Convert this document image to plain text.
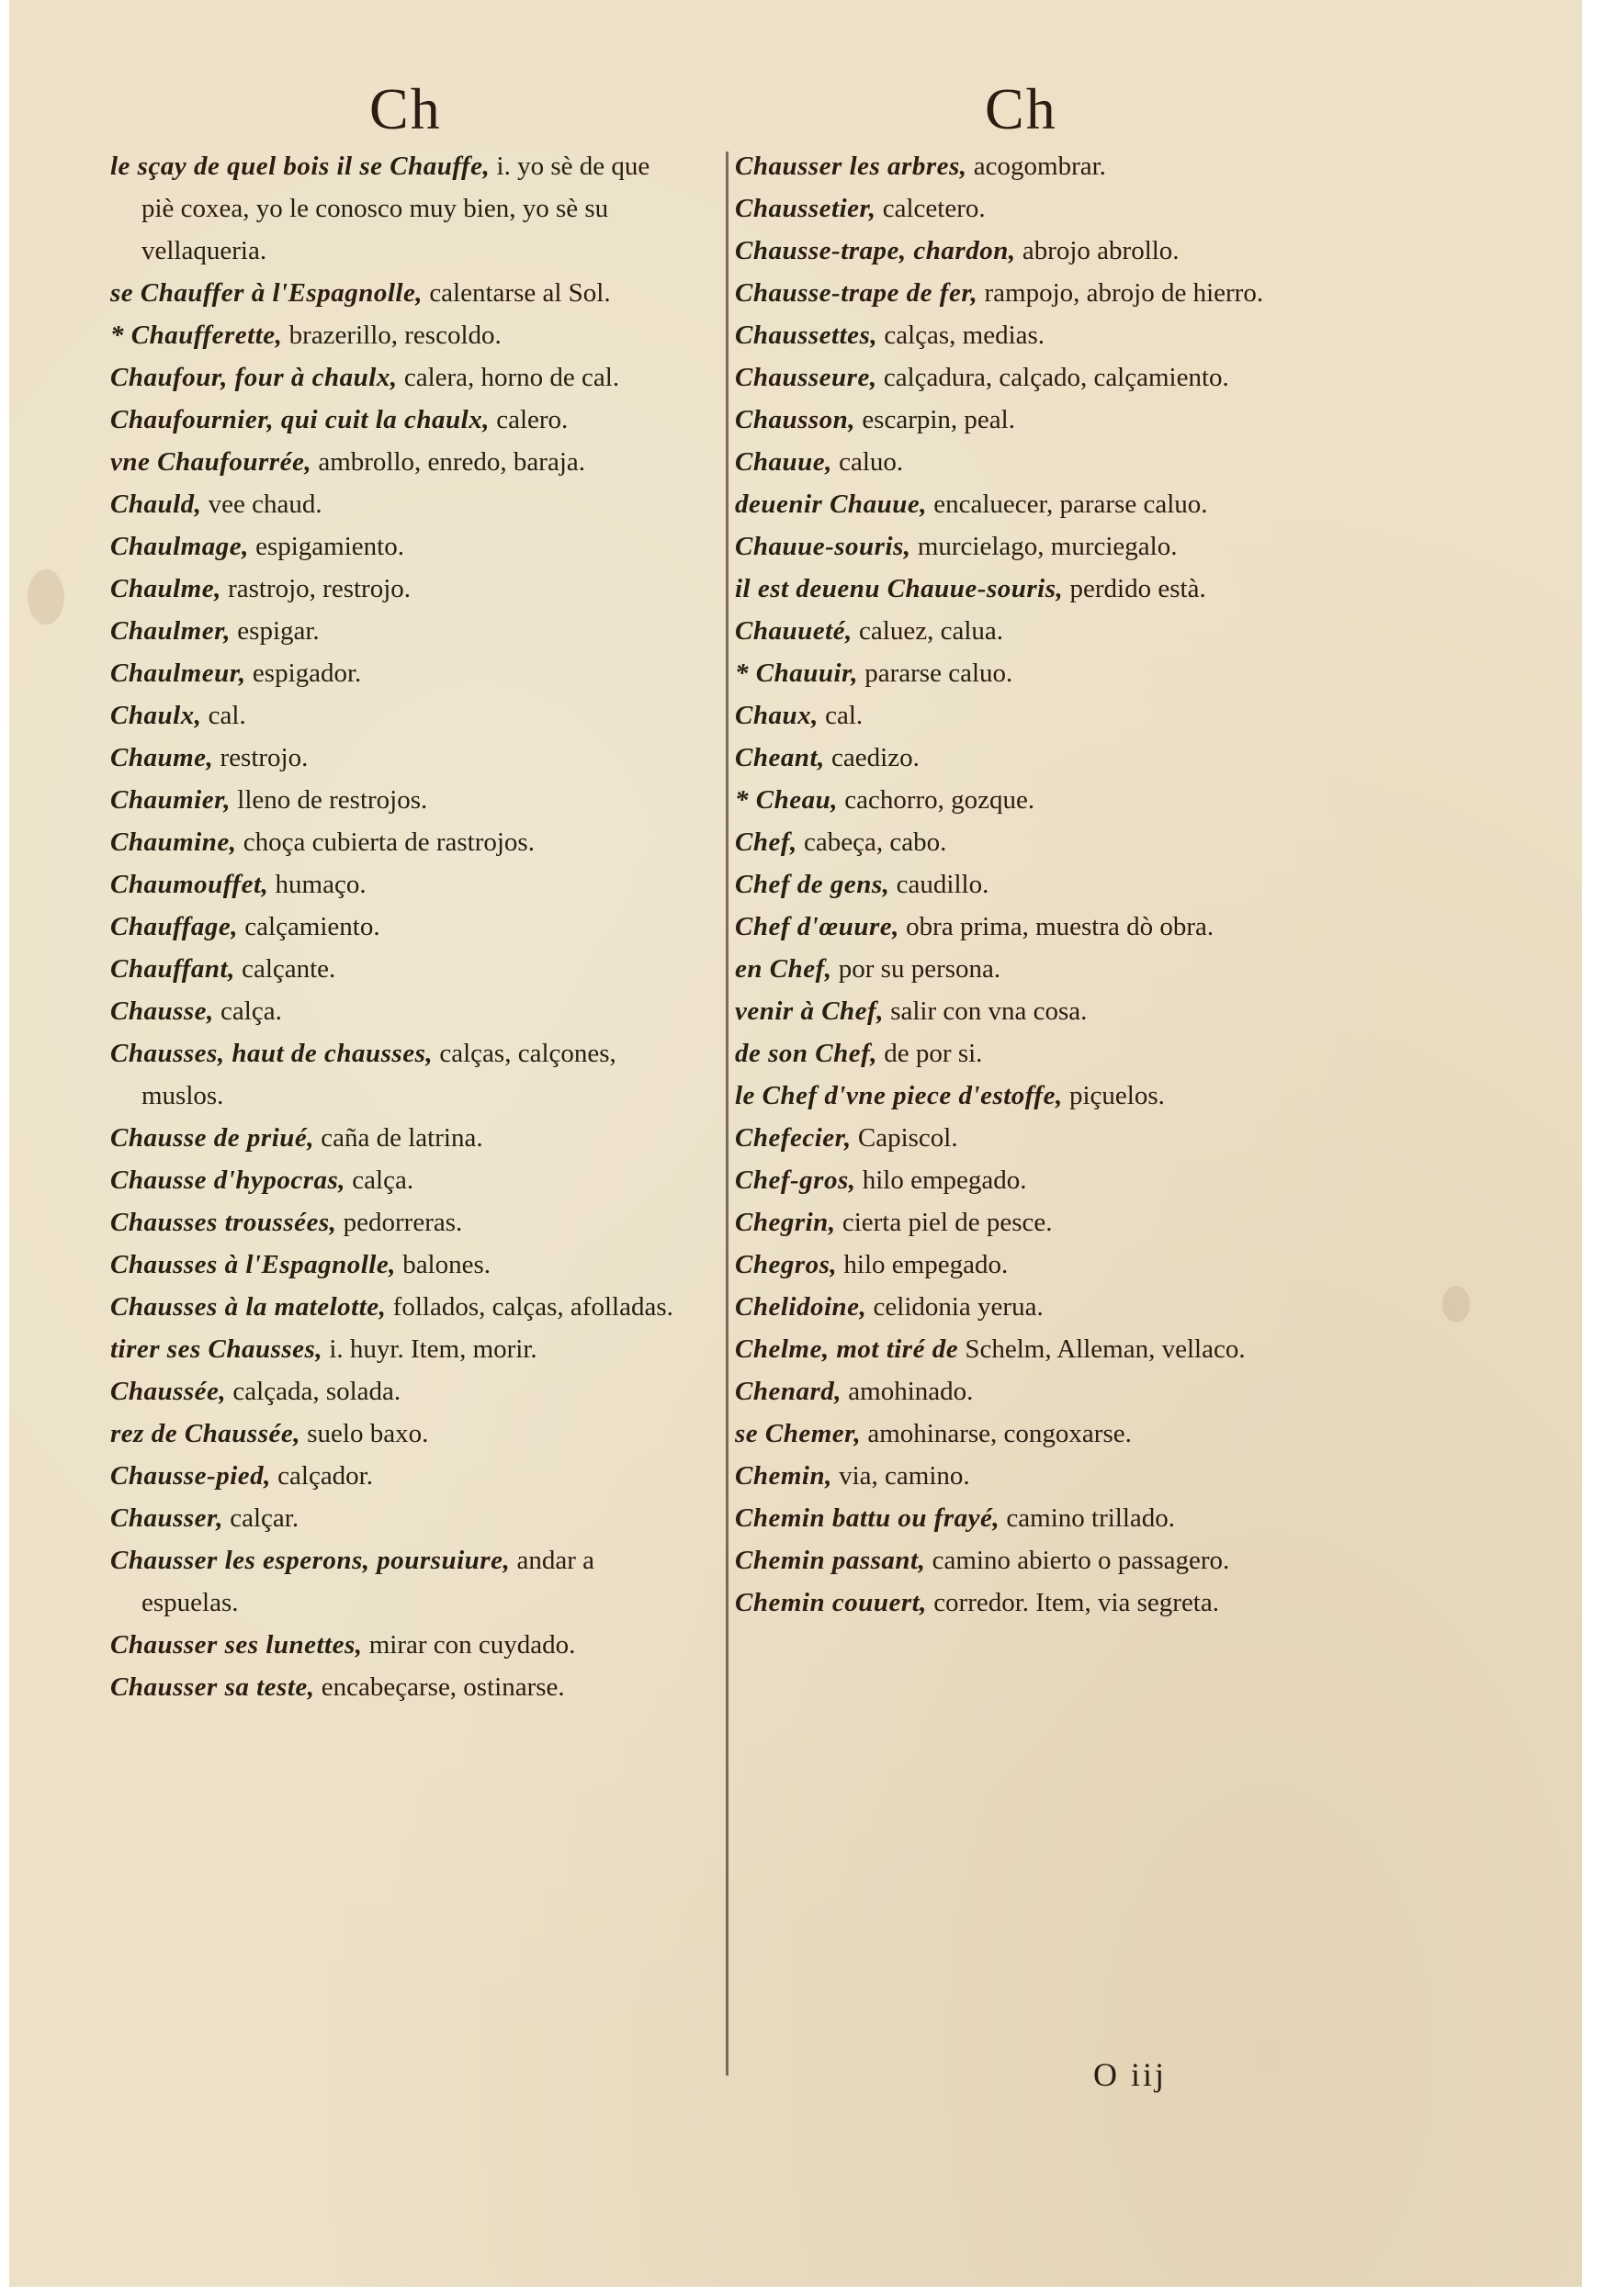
Ch	Ch
le sçay de quel bois il se Chauffe, i. yo sè de que piè coxea, yo le conosco muy bien, yo sè su vellaqueria.
se Chauffer à l'Espagnolle, calentarse al Sol.
* Chaufferette, brazerillo, rescoldo.
Chaufour, four à chaulx, calera, horno de cal.
Chaufournier, qui cuit la chaulx, calero.
vne Chaufourrée, ambrollo, enredo, baraja.
Chauld, vee chaud.
Chaulmage, espigamiento.
Chaulme, rastrojo, restrojo.
Chaulmer, espigar.
Chaulmeur, espigador.
Chaulx, cal.
Chaume, restrojo.
Chaumier, lleno de restrojos.
Chaumine, choça cubierta de rastrojos.
Chaumouffet, humaço.
Chauffage, calçamiento.
Chauffant, calçante.
Chausse, calça.
Chausses, haut de chausses, calças, calçones, muslos.
Chausse de priué, caña de latrina.
Chausse d'hypocras, calça.
Chausses troussées, pedorreras.
Chausses à l'Espagnolle, balones.
Chausses à la matelotte, follados, calças, afolladas.
tirer ses Chausses, i. huyr. Item, morir.
Chaussée, calçada, solada.
rez de Chaussée, suelo baxo.
Chausse-pied, calçador.
Chausser, calçar.
Chausser les esperons, poursuiure, andar a espuelas.
Chausser ses lunettes, mirar con cuydado.
Chausser sa teste, encabeçarse, ostinarse.
Chausser les arbres, acogombrar.
Chaussetier, calcetero.
Chausse-trape, chardon, abrojo abrollo.
Chausse-trape de fer, rampojo, abrojo de hierro.
Chaussettes, calças, medias.
Chausseure, calçadura, calçado, calçamiento.
Chausson, escarpin, peal.
Chauue, caluo.
deuenir Chauue, encaluecer, pararse caluo.
Chauue-souris, murcielago, murciegalo.
il est deuenu Chauue-souris, perdido està.
Chauueté, caluez, calua.
* Chauuir, pararse caluo.
Chaux, cal.
Cheant, caedizo.
* Cheau, cachorro, gozque.
Chef, cabeça, cabo.
Chef de gens, caudillo.
Chef d'œuure, obra prima, muestra dò obra.
en Chef, por su persona.
venir à Chef, salir con vna cosa.
de son Chef, de por si.
le Chef d'vne piece d'estoffe, piçuelos.
Chefecier, Capiscol.
Chef-gros, hilo empegado.
Chegrin, cierta piel de pesce.
Chegros, hilo empegado.
Chelidoine, celidonia yerua.
Chelme, mot tiré de Schelm, Alleman, vellaco.
Chenard, amohinado.
se Chemer, amohinarse, congoxarse.
Chemin, via, camino.
Chemin battu ou frayé, camino trillado.
Chemin passant, camino abierto o passagero.
Chemin couuert, corredor. Item, via segreta.
O iij
